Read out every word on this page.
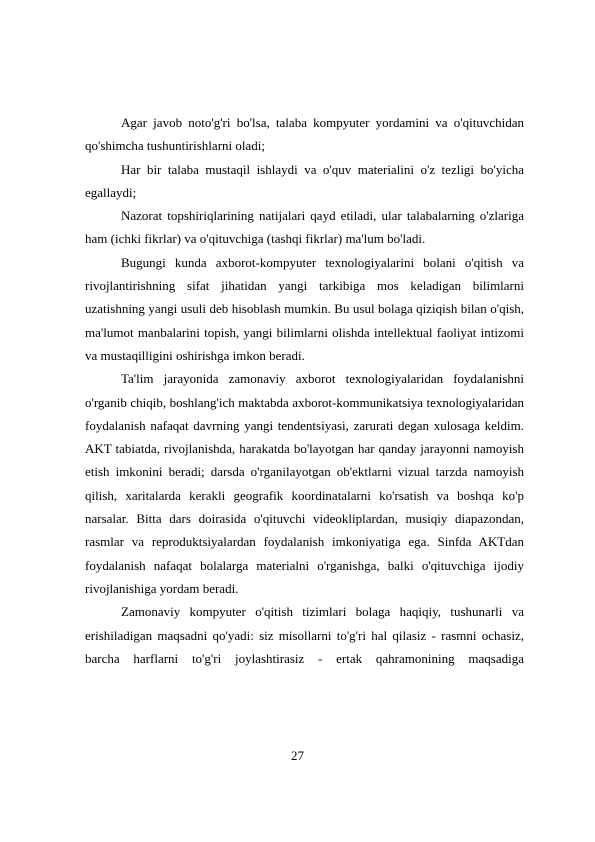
Agar javob noto'g'ri bo'lsa, talaba kompyuter yordamini va o'qituvchidan qo'shimcha tushuntirishlarni oladi;

Har bir talaba mustaqil ishlaydi va o'quv materialini o'z tezligi bo'yicha egallaydi;

Nazorat topshiriqlarining natijalari qayd etiladi, ular talabalarning o'zlariga ham (ichki fikrlar) va o'qituvchiga (tashqi fikrlar) ma'lum bo'ladi.

Bugungi kunda axborot-kompyuter texnologiyalarini bolani o'qitish va rivojlantirishning sifat jihatidan yangi tarkibiga mos keladigan bilimlarni uzatishning yangi usuli deb hisoblash mumkin. Bu usul bolaga qiziqish bilan o'qish, ma'lumot manbalarini topish, yangi bilimlarni olishda intellektual faoliyat intizomi va mustaqilligini oshirishga imkon beradi.

Ta'lim jarayonida zamonaviy axborot texnologiyalaridan foydalanishni o'rganib chiqib, boshlang'ich maktabda axborot-kommunikatsiya texnologiyalaridan foydalanish nafaqat davrning yangi tendentsiyasi, zarurati degan xulosaga keldim. AKT tabiatda, rivojlanishda, harakatda bo'layotgan har qanday jarayonni namoyish etish imkonini beradi; darsda o'rganilayotgan ob'ektlarni vizual tarzda namoyish qilish, xaritalarda kerakli geografik koordinatalarni ko'rsatish va boshqa ko'p narsalar. Bitta dars doirasida o'qituvchi videokliplardan, musiqiy diapazondan, rasmlar va reproduktsiyalardan foydalanish imkoniyatiga ega. Sinfda AKTdan foydalanish nafaqat bolalarga materialni o'rganishga, balki o'qituvchiga ijodiy rivojlanishiga yordam beradi.

Zamonaviy kompyuter o'qitish tizimlari bolaga haqiqiy, tushunarli va erishiladigan maqsadni qo'yadi: siz misollarni to'g'ri hal qilasiz - rasmni ochasiz, barcha harflarni to'g'ri joylashtirasiz - ertak qahramonining maqsadiga

27
